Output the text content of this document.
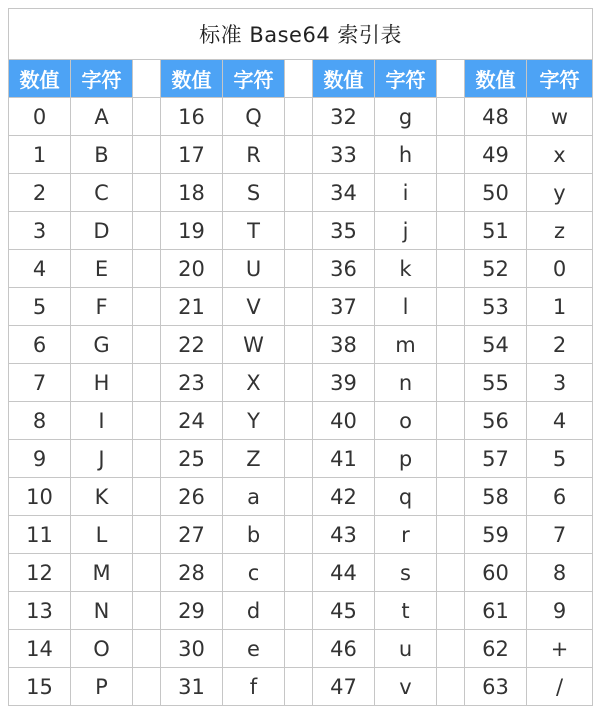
标准 Base64 索引表										
数值	字符		数值	字符		数值	字符		数值	字符
0	A		16	Q		32	g		48	w
1	B		17	R		33	h		49	x
2	C		18	S		34	i		50	y
3	D		19	T		35	j		51	z
4	E		20	U		36	k		52	0
5	F		21	V		37	l		53	1
6	G		22	W		38	m		54	2
7	H		23	X		39	n		55	3
8	I		24	Y		40	o		56	4
9	J		25	Z		41	p		57	5
10	K		26	a		42	q		58	6
11	L		27	b		43	r		59	7
12	M		28	c		44	s		60	8
13	N		29	d		45	t		61	9
14	O		30	e		46	u		62	+
15	P		31	f		47	v		63	/
